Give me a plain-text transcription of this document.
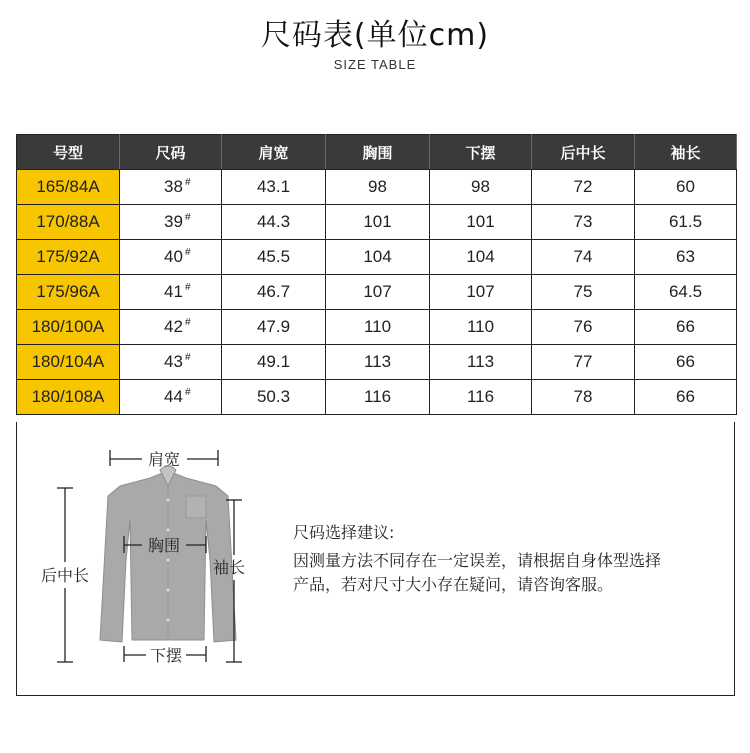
尺码表(单位cm)
SIZE TABLE
号型	尺码	肩宽	胸围	下摆	后中长	袖长
165/84A	38 #	43.1	98	98	72	60
170/88A	39 #	44.3	101	101	73	61.5
175/92A	40 #	45.5	104	104	74	63
175/96A	41 #	46.7	107	107	75	64.5
180/100A	42 #	47.9	110	110	76	66
180/104A	43 #	49.1	113	113	77	66
180/108A	44 #	50.3	116	116	78	66
肩宽
后中长
胸围
袖长
下摆
尺码选择建议:
因测量方法不同存在一定误差，请根据自身体型选择
产品，若对尺寸大小存在疑问，请咨询客服。
